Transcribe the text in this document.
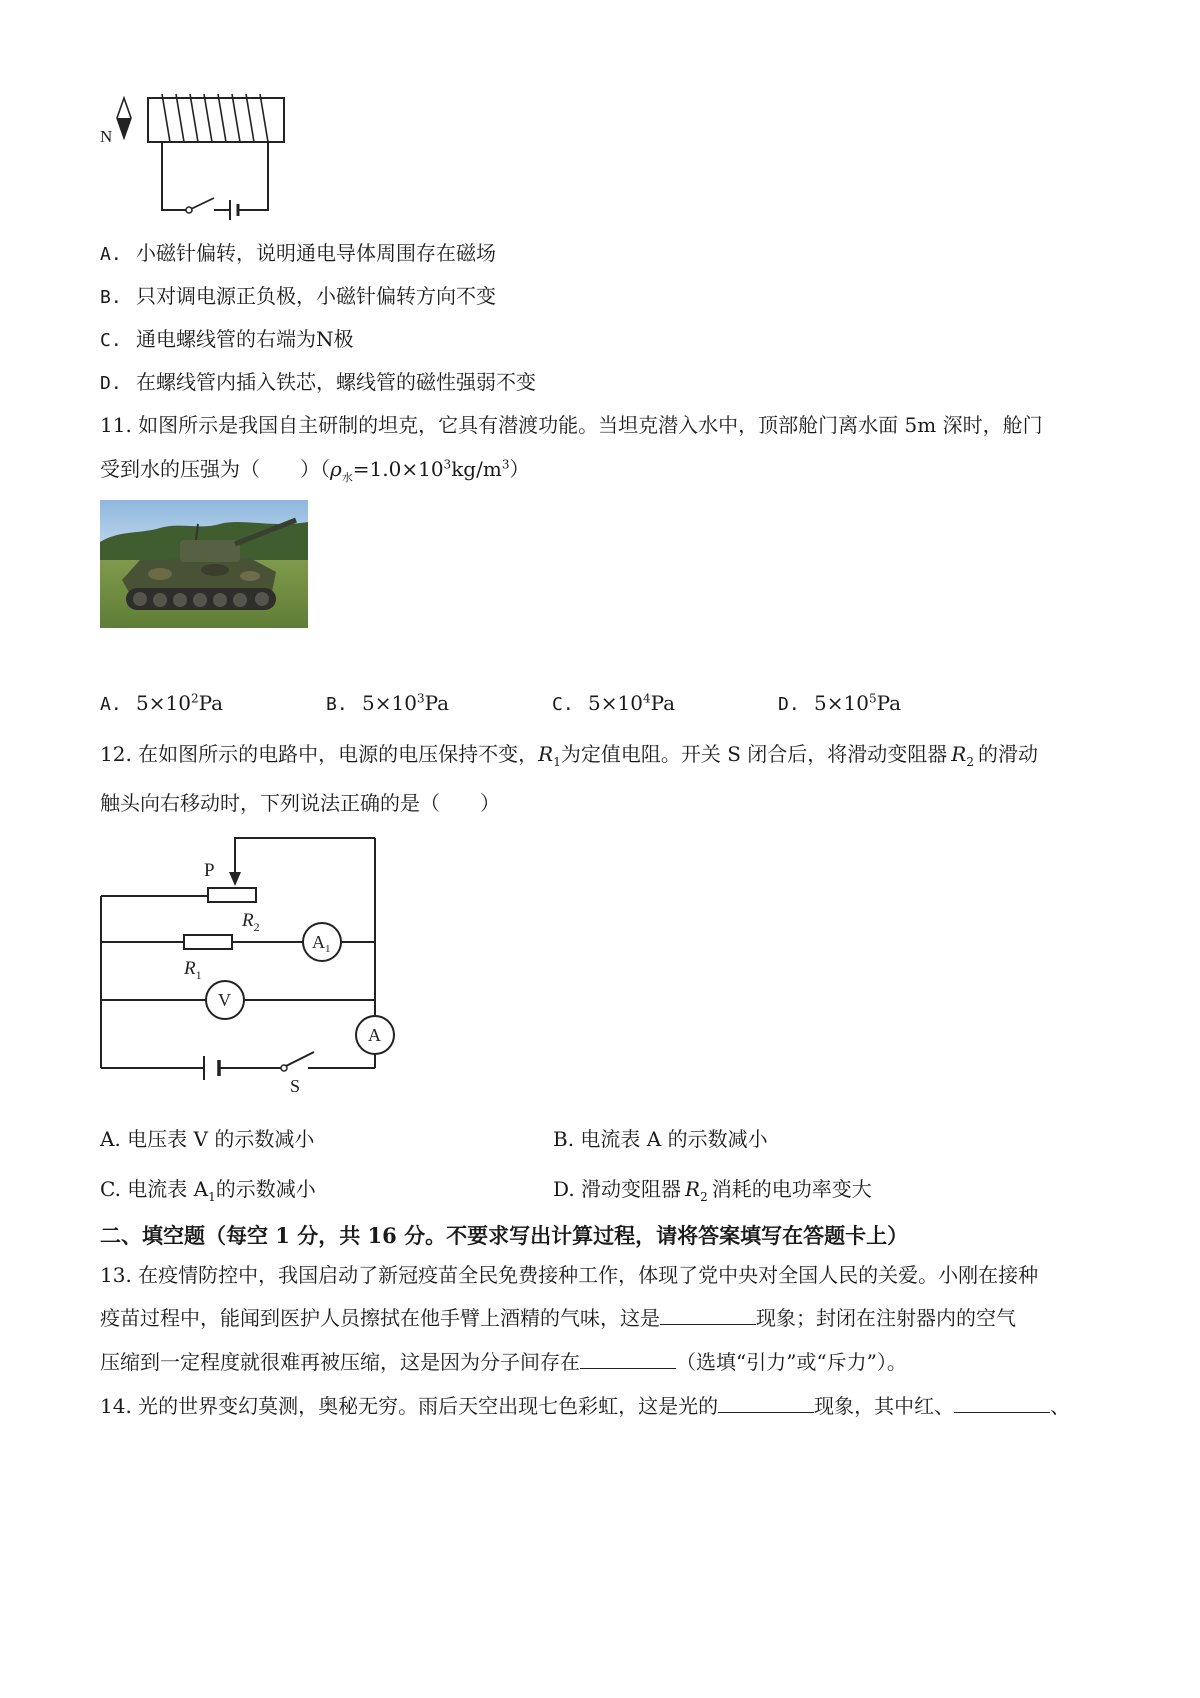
N
A. 小磁针偏转，说明通电导体周围存在磁场
B. 只对调电源正负极，小磁针偏转方向不变
C. 通电螺线管的右端为N极
D. 在螺线管内插入铁芯，螺线管的磁性强弱不变
11. 如图所示是我国自主研制的坦克，它具有潜渡功能。当坦克潜入水中，顶部舱门离水面 5m 深时，舱门
受到水的压强为（　　）$(\rho_水=1.0\times 10^3kg/m^3)$
A. $5\times 10^2Pa$	B. $5\times 10^3Pa$	C. $5\times 10^4Pa$	D. $5\times 10^5Pa$
12. 在如图所示的电路中，电源的电压保持不变，$R_1$为定值电阻。开关 S 闭合后，将滑动变阻器 $R_2$ 的滑动
触头向右移动时，下列说法正确的是（　　）
P
$R_2$
$R_1$
$A_1$
V
A
S
A. 电压表 V 的示数减小	B. 电流表 A 的示数减小
C. 电流表 $A_1$的示数减小	D. 滑动变阻器 $R_2$ 消耗的电功率变大
二、填空题（每空 1 分，共 16 分。不要求写出计算过程，请将答案填写在答题卡上）
13. 在疫情防控中，我国启动了新冠疫苗全民免费接种工作，体现了党中央对全国人民的关爱。小刚在接种
疫苗过程中，能闻到医护人员擦拭在他手臂上酒精的气味，这是	现象；封闭在注射器内的空气
压缩到一定程度就很难再被压缩，这是因为分子间存在	（选填“引力”或“斥力”）。
14. 光的世界变幻莫测，奥秘无穷。雨后天空出现七色彩虹，这是光的	现象，其中红、	、
